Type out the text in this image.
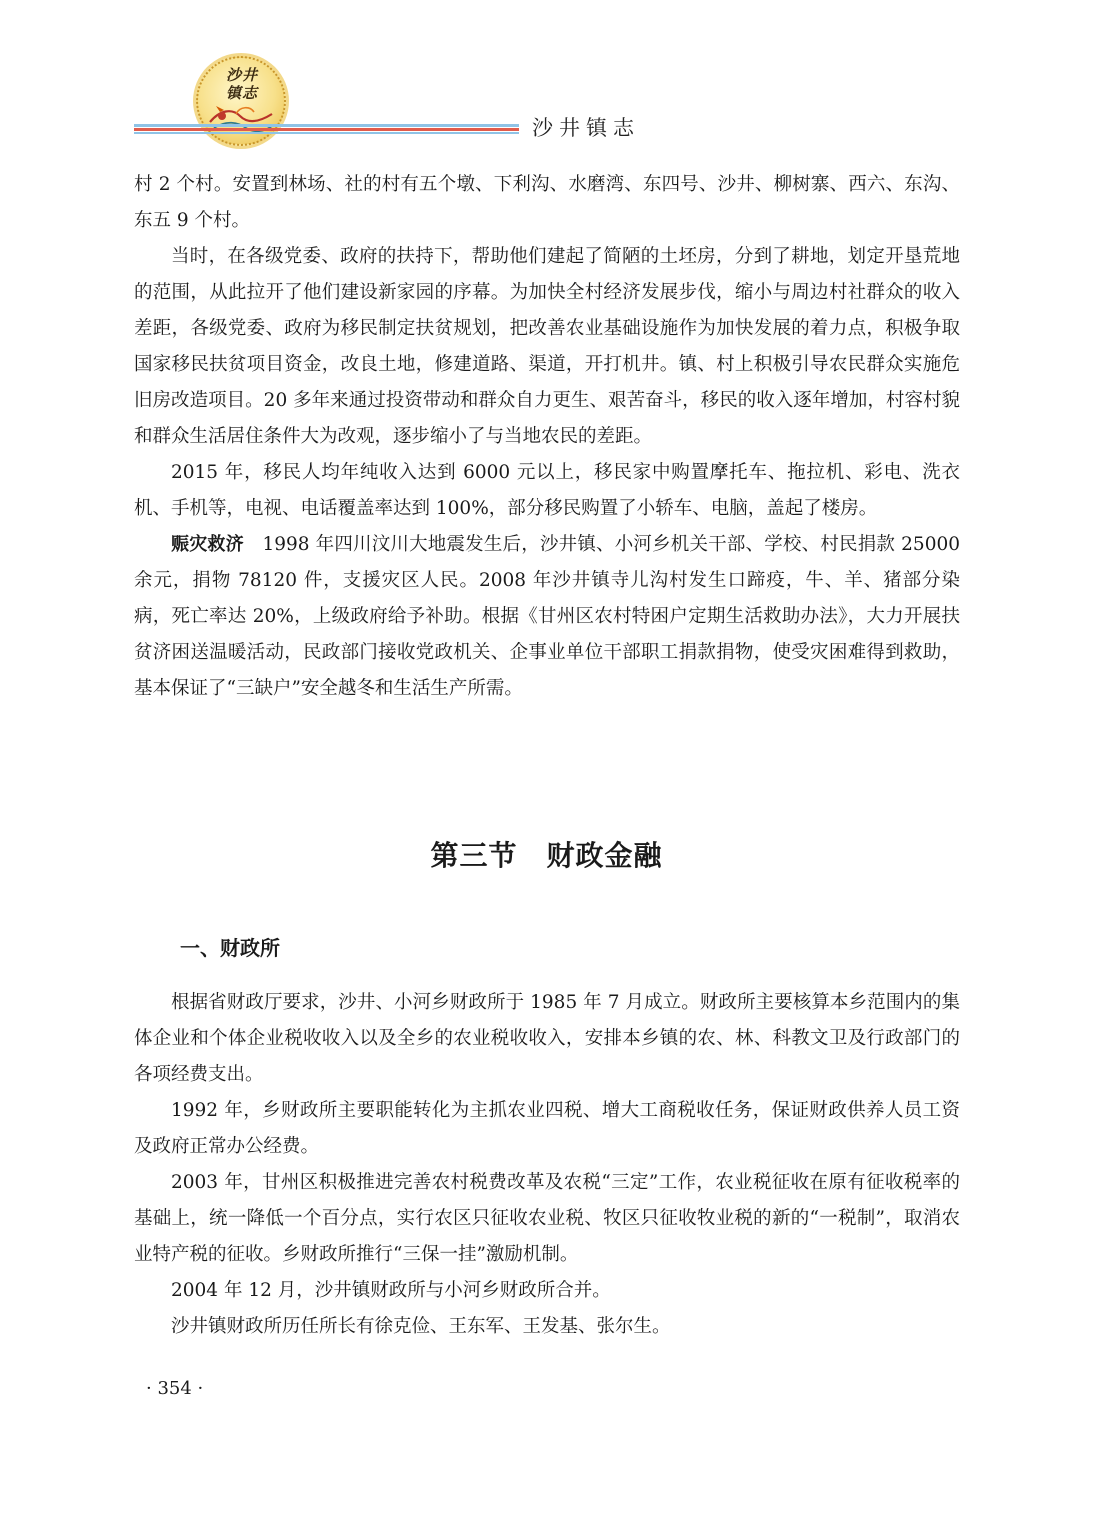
沙井
镇志
沙井镇志

村 2 个村。安置到林场、社的村有五个墩、下利沟、水磨湾、东四号、沙井、柳树寨、西六、东沟、东五 9 个村。

当时，在各级党委、政府的扶持下，帮助他们建起了简陋的土坯房，分到了耕地，划定开垦荒地的范围，从此拉开了他们建设新家园的序幕。为加快全村经济发展步伐，缩小与周边村社群众的收入差距，各级党委、政府为移民制定扶贫规划，把改善农业基础设施作为加快发展的着力点，积极争取国家移民扶贫项目资金，改良土地，修建道路、渠道，开打机井。镇、村上积极引导农民群众实施危旧房改造项目。20 多年来通过投资带动和群众自力更生、艰苦奋斗，移民的收入逐年增加，村容村貌和群众生活居住条件大为改观，逐步缩小了与当地农民的差距。

2015 年，移民人均年纯收入达到 6000 元以上，移民家中购置摩托车、拖拉机、彩电、洗衣机、手机等，电视、电话覆盖率达到 100%，部分移民购置了小轿车、电脑，盖起了楼房。

赈灾救济　 1998 年四川汶川大地震发生后，沙井镇、小河乡机关干部、学校、村民捐款 25000 余元，捐物 78120 件，支援灾区人民。2008 年沙井镇寺儿沟村发生口蹄疫，牛、羊、猪部分染病，死亡率达 20%，上级政府给予补助。根据《甘州区农村特困户定期生活救助办法》，大力开展扶贫济困送温暖活动，民政部门接收党政机关、企事业单位干部职工捐款捐物，使受灾困难得到救助，基本保证了“三缺户”安全越冬和生活生产所需。

第三节　财政金融
一、财政所

根据省财政厅要求，沙井、小河乡财政所于 1985 年 7 月成立。财政所主要核算本乡范围内的集体企业和个体企业税收收入以及全乡的农业税收收入，安排本乡镇的农、林、科教文卫及行政部门的各项经费支出。

1992 年，乡财政所主要职能转化为主抓农业四税、增大工商税收任务，保证财政供养人员工资及政府正常办公经费。

2003 年，甘州区积极推进完善农村税费改革及农税“三定”工作，农业税征收在原有征收税率的基础上，统一降低一个百分点，实行农区只征收农业税、牧区只征收牧业税的新的“一税制”，取消农业特产税的征收。乡财政所推行“三保一挂”激励机制。

2004 年 12 月，沙井镇财政所与小河乡财政所合并。

沙井镇财政所历任所长有徐克俭、王东军、王发基、张尔生。

· 354 ·
